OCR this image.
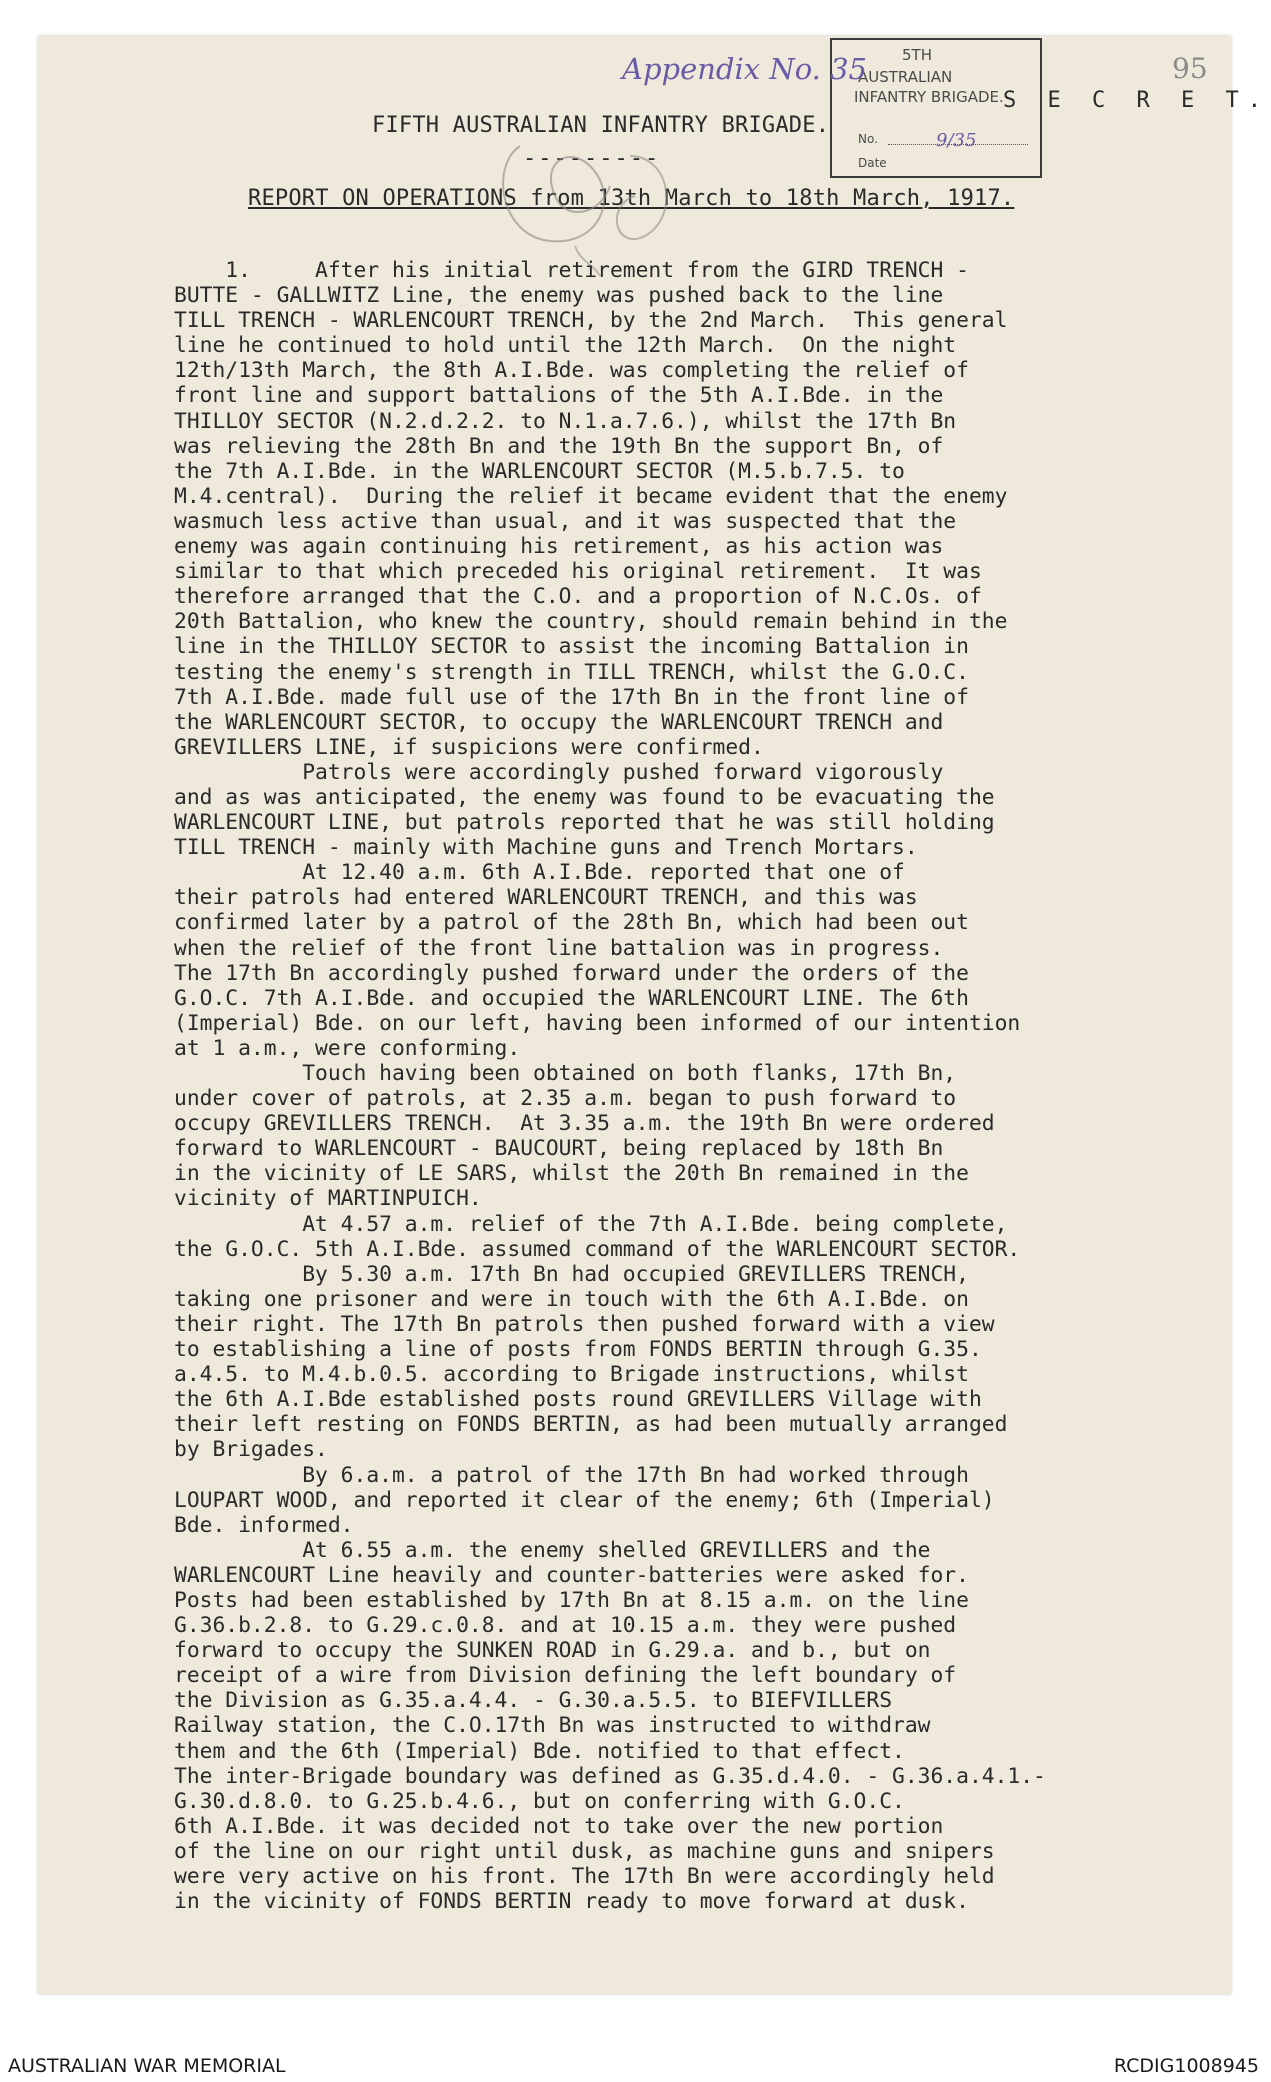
95
5TH
AUSTRALIAN
INFANTRY BRIGADE.
No.	9/35
Date
Appendix No. 35
S E C R E T.
FIFTH AUSTRALIAN INFANTRY BRIGADE.
---------
REPORT ON OPERATIONS from 13th March to 18th March, 1917.
1.     After his initial retirement from the GIRD TRENCH -
BUTTE - GALLWITZ Line, the enemy was pushed back to the line
TILL TRENCH - WARLENCOURT TRENCH, by the 2nd March.  This general
line he continued to hold until the 12th March.  On the night
12th/13th March, the 8th A.I.Bde. was completing the relief of
front line and support battalions of the 5th A.I.Bde. in the
THILLOY SECTOR (N.2.d.2.2. to N.1.a.7.6.), whilst the 17th Bn
was relieving the 28th Bn and the 19th Bn the support Bn, of
the 7th A.I.Bde. in the WARLENCOURT SECTOR (M.5.b.7.5. to
M.4.central).  During the relief it became evident that the enemy
wasmuch less active than usual, and it was suspected that the
enemy was again continuing his retirement, as his action was
similar to that which preceded his original retirement.  It was
therefore arranged that the C.O. and a proportion of N.C.Os. of
20th Battalion, who knew the country, should remain behind in the
line in the THILLOY SECTOR to assist the incoming Battalion in
testing the enemy's strength in TILL TRENCH, whilst the G.O.C.
7th A.I.Bde. made full use of the 17th Bn in the front line of
the WARLENCOURT SECTOR, to occupy the WARLENCOURT TRENCH and
GREVILLERS LINE, if suspicions were confirmed.
Patrols were accordingly pushed forward vigorously
and as was anticipated, the enemy was found to be evacuating the
WARLENCOURT LINE, but patrols reported that he was still holding
TILL TRENCH - mainly with Machine guns and Trench Mortars.
At 12.40 a.m. 6th A.I.Bde. reported that one of
their patrols had entered WARLENCOURT TRENCH, and this was
confirmed later by a patrol of the 28th Bn, which had been out
when the relief of the front line battalion was in progress.
The 17th Bn accordingly pushed forward under the orders of the
G.O.C. 7th A.I.Bde. and occupied the WARLENCOURT LINE. The 6th
(Imperial) Bde. on our left, having been informed of our intention
at 1 a.m., were conforming.
Touch having been obtained on both flanks, 17th Bn,
under cover of patrols, at 2.35 a.m. began to push forward to
occupy GREVILLERS TRENCH.  At 3.35 a.m. the 19th Bn were ordered
forward to WARLENCOURT - BAUCOURT, being replaced by 18th Bn
in the vicinity of LE SARS, whilst the 20th Bn remained in the
vicinity of MARTINPUICH.
At 4.57 a.m. relief of the 7th A.I.Bde. being complete,
the G.O.C. 5th A.I.Bde. assumed command of the WARLENCOURT SECTOR.
By 5.30 a.m. 17th Bn had occupied GREVILLERS TRENCH,
taking one prisoner and were in touch with the 6th A.I.Bde. on
their right. The 17th Bn patrols then pushed forward with a view
to establishing a line of posts from FONDS BERTIN through G.35.
a.4.5. to M.4.b.0.5. according to Brigade instructions, whilst
the 6th A.I.Bde established posts round GREVILLERS Village with
their left resting on FONDS BERTIN, as had been mutually arranged
by Brigades.
By 6.a.m. a patrol of the 17th Bn had worked through
LOUPART WOOD, and reported it clear of the enemy; 6th (Imperial)
Bde. informed.
At 6.55 a.m. the enemy shelled GREVILLERS and the
WARLENCOURT Line heavily and counter-batteries were asked for.
Posts had been established by 17th Bn at 8.15 a.m. on the line
G.36.b.2.8. to G.29.c.0.8. and at 10.15 a.m. they were pushed
forward to occupy the SUNKEN ROAD in G.29.a. and b., but on
receipt of a wire from Division defining the left boundary of
the Division as G.35.a.4.4. - G.30.a.5.5. to BIEFVILLERS
Railway station, the C.O.17th Bn was instructed to withdraw
them and the 6th (Imperial) Bde. notified to that effect.
The inter-Brigade boundary was defined as G.35.d.4.0. - G.36.a.4.1.-
G.30.d.8.0. to G.25.b.4.6., but on conferring with G.O.C.
6th A.I.Bde. it was decided not to take over the new portion
of the line on our right until dusk, as machine guns and snipers
were very active on his front. The 17th Bn were accordingly held
in the vicinity of FONDS BERTIN ready to move forward at dusk.
AUSTRALIAN WAR MEMORIAL	RCDIG1008945
